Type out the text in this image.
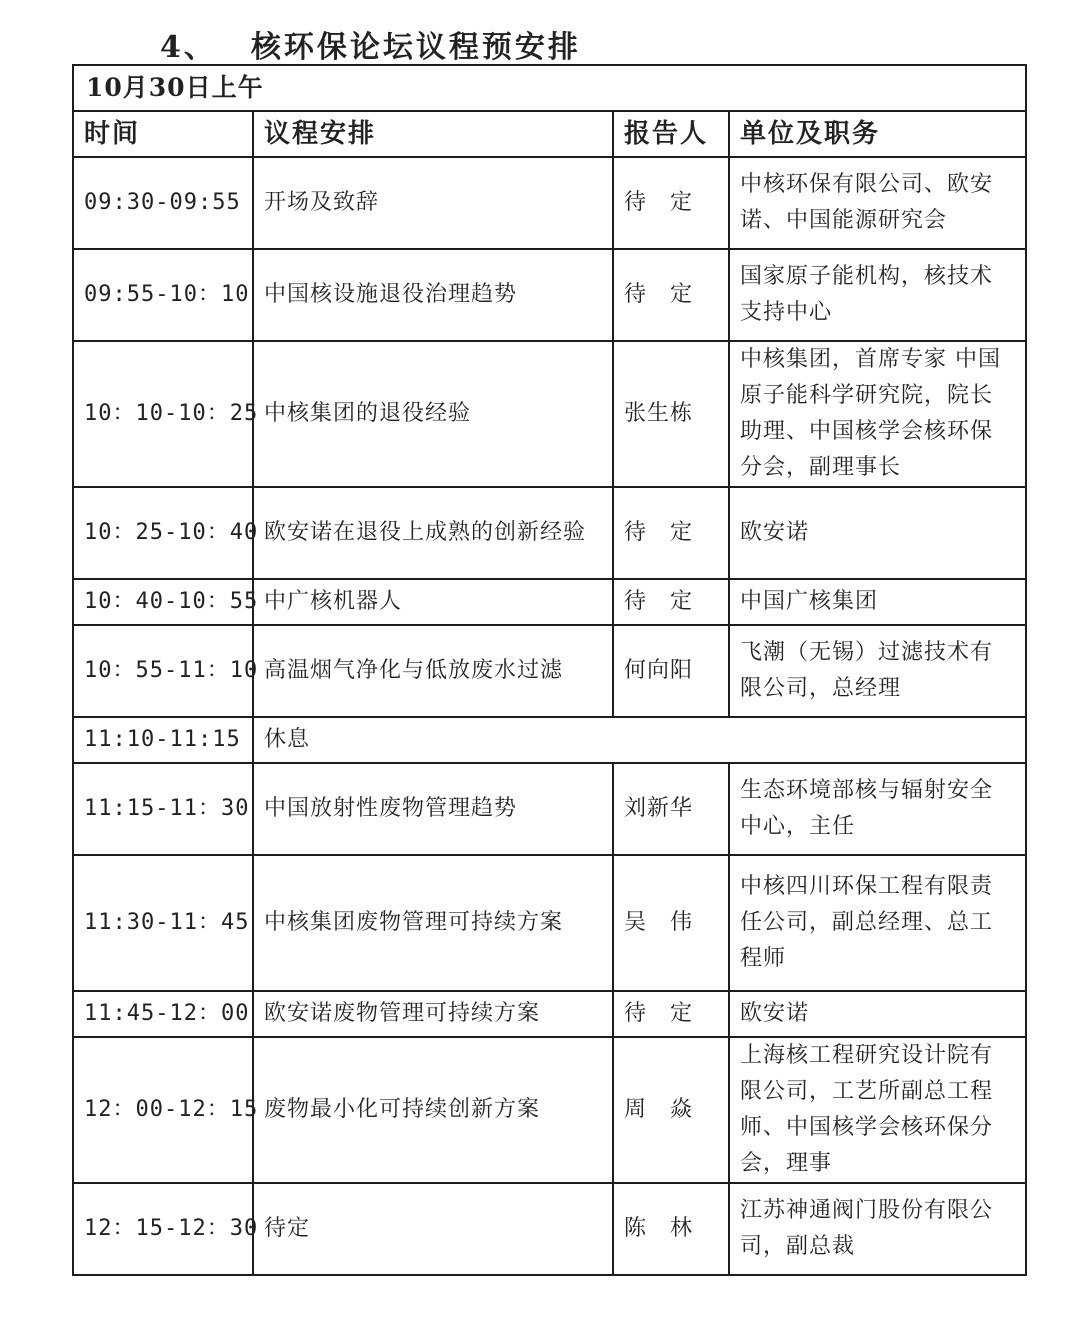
4、 核环保论坛议程预安排
10月30日上午			
时间	议程安排	报告人	单位及职务
09:30-09:55	开场及致辞	待　定	中核环保有限公司、欧安诺、中国能源研究会
09:55-10：10	中国核设施退役治理趋势	待　定	国家原子能机构，核技术支持中心
10：10-10：25	中核集团的退役经验	张生栋	中核集团，首席专家 中国原子能科学研究院，院长助理、中国核学会核环保分会，副理事长
10：25-10：40	欧安诺在退役上成熟的创新经验	待　定	欧安诺
10：40-10：55	中广核机器人	待　定	中国广核集团
10：55-11：10	高温烟气净化与低放废水过滤	何向阳	飞潮（无锡）过滤技术有限公司，总经理
11:10-11:15	休息		
11:15-11：30	中国放射性废物管理趋势	刘新华	生态环境部核与辐射安全中心，主任
11:30-11：45	中核集团废物管理可持续方案	吴　伟	中核四川环保工程有限责任公司，副总经理、总工程师
11:45-12：00	欧安诺废物管理可持续方案	待　定	欧安诺
12：00-12：15	废物最小化可持续创新方案	周　焱	上海核工程研究设计院有限公司，工艺所副总工程师、中国核学会核环保分会，理事
12：15-12：30	待定	陈　林	江苏神通阀门股份有限公司，副总裁
